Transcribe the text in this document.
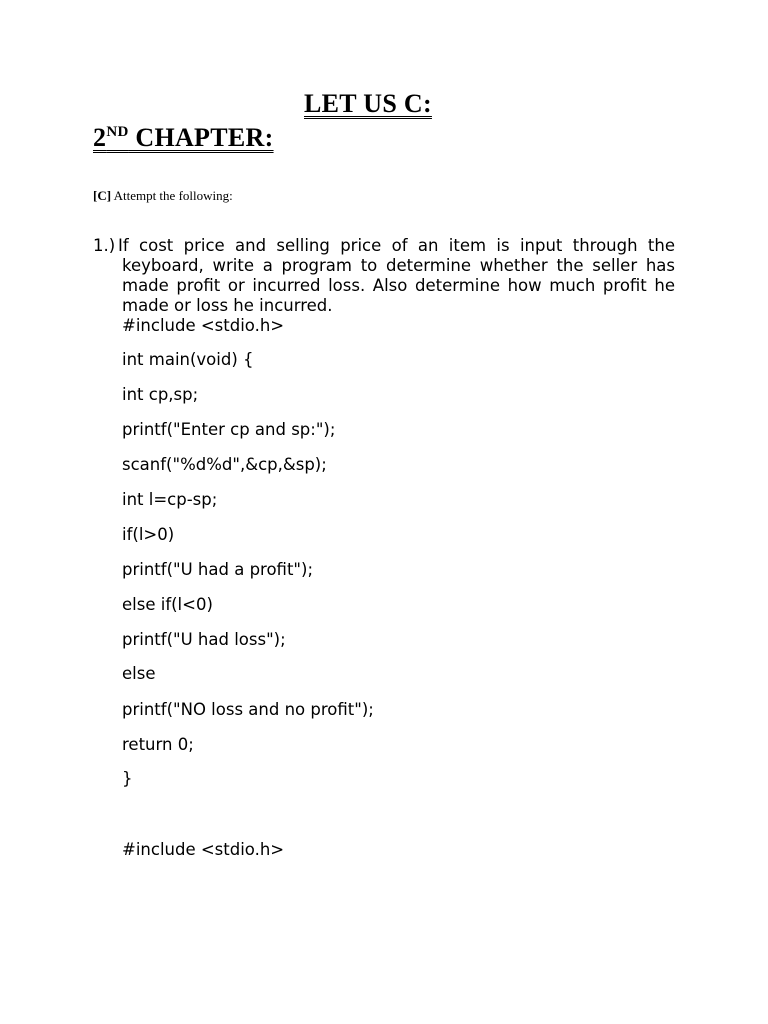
LET US C:
2ND CHAPTER:
[C] Attempt the following:
1.) If cost price and selling price of an item is input through the keyboard, write a program to determine whether the seller has made profit or incurred loss. Also determine how much profit he made or loss he incurred.

#include <stdio.h>

int main(void) {

int cp,sp;

printf("Enter cp and sp:");

scanf("%d%d",&cp,&sp);

int l=cp-sp;

if(l>0)

printf("U had a profit");

else if(l<0)

printf("U had loss");

else

printf("NO loss and no profit");

return 0;

}

#include <stdio.h>
